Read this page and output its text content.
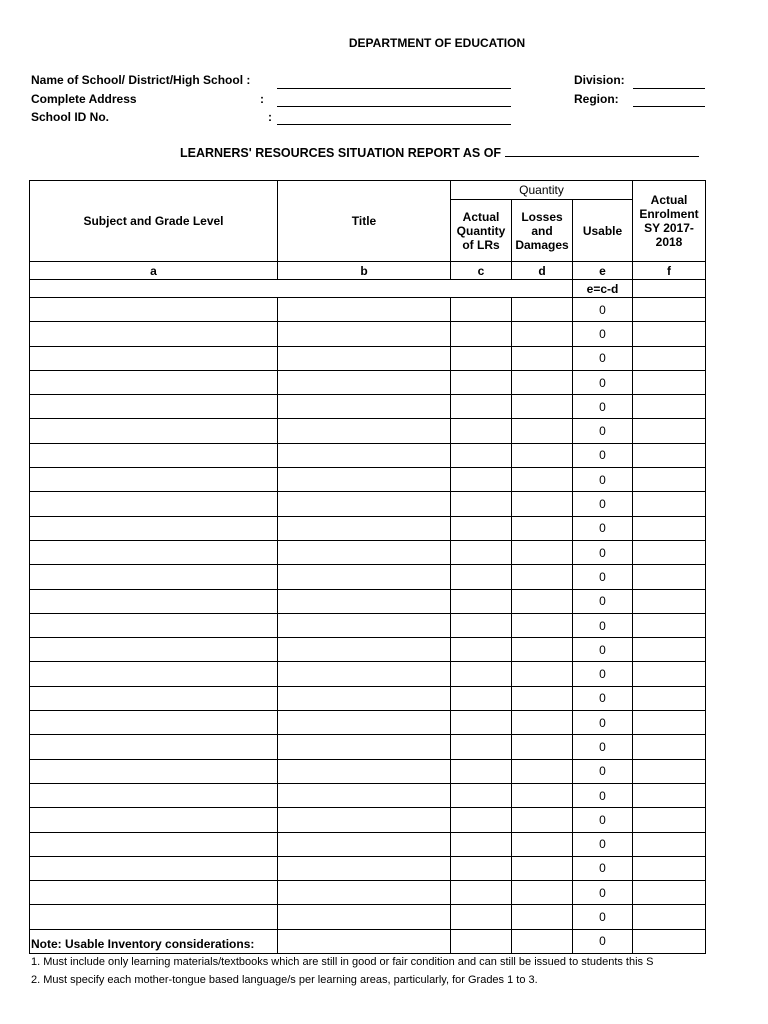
DEPARTMENT OF EDUCATION
Name of School/ District/High School :
Complete Address	:
School ID No.	:
Division:
Region:
LEARNERS' RESOURCES SITUATION REPORT AS OF
Subject and Grade Level	Title	Quantity			Actual Enrolment SY 2017-2018
		Actual Quantity of LRs	Losses and Damages	Usable	
a	b	c	d	e	f
				e=c-d	
				0	
				0	
				0	
				0	
				0	
				0	
				0	
				0	
				0	
				0	
				0	
				0	
				0	
				0	
				0	
				0	
				0	
				0	
				0	
				0	
				0	
				0	
				0	
				0	
				0	
				0	
				0	
Note: Usable Inventory considerations:
1. Must include only learning materials/textbooks which are still in good or fair condition and can still be issued to students this S
2. Must specify each mother-tongue based language/s per learning areas, particularly, for Grades 1 to 3.
